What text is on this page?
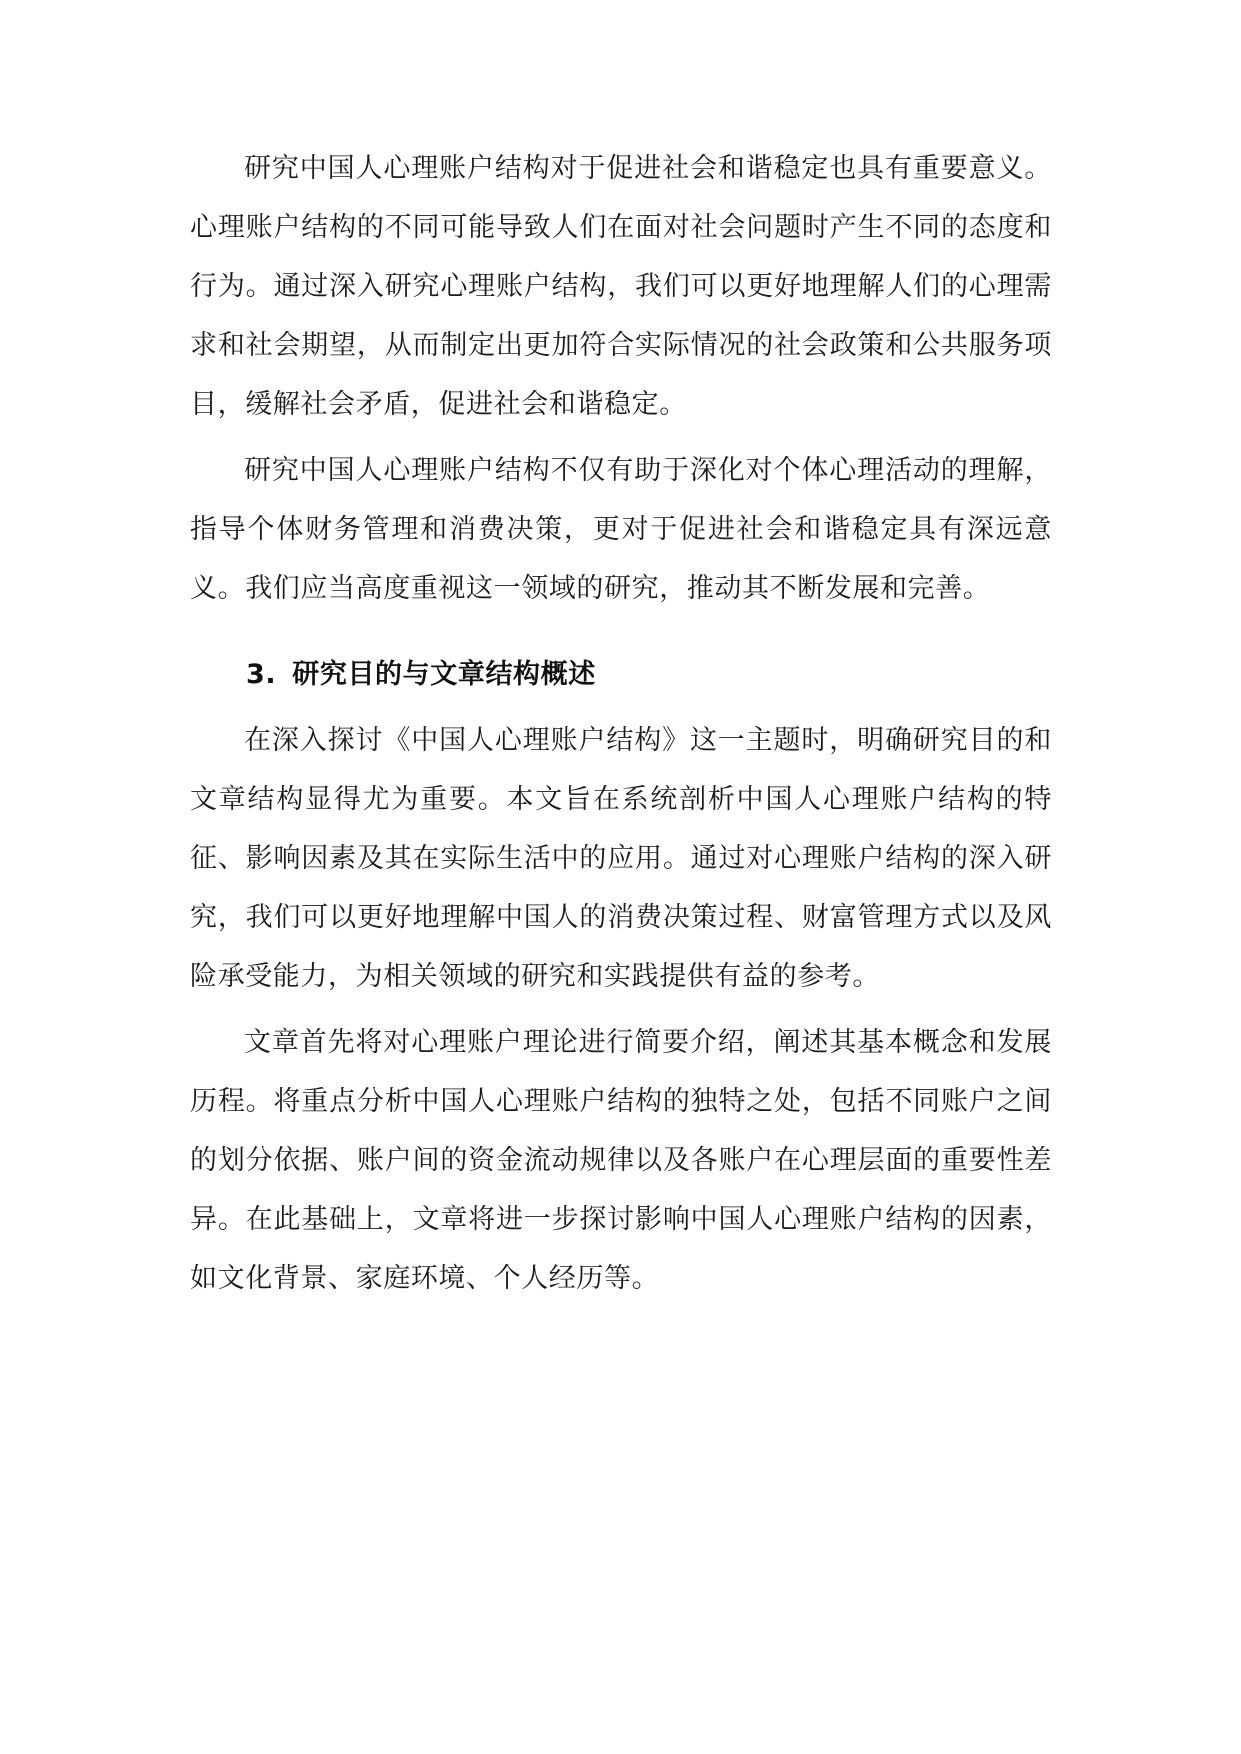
研究中国人心理账户结构对于促进社会和谐稳定也具有重要意义。心理账户结构的不同可能导致人们在面对社会问题时产生不同的态度和行为。通过深入研究心理账户结构，我们可以更好地理解人们的心理需求和社会期望，从而制定出更加符合实际情况的社会政策和公共服务项目，缓解社会矛盾，促进社会和谐稳定。

研究中国人心理账户结构不仅有助于深化对个体心理活动的理解，指导个体财务管理和消费决策，更对于促进社会和谐稳定具有深远意义。我们应当高度重视这一领域的研究，推动其不断发展和完善。

3. 研究目的与文章结构概述

在深入探讨《中国人心理账户结构》这一主题时，明确研究目的和文章结构显得尤为重要。本文旨在系统剖析中国人心理账户结构的特征、影响因素及其在实际生活中的应用。通过对心理账户结构的深入研究，我们可以更好地理解中国人的消费决策过程、财富管理方式以及风险承受能力，为相关领域的研究和实践提供有益的参考。

文章首先将对心理账户理论进行简要介绍，阐述其基本概念和发展历程。将重点分析中国人心理账户结构的独特之处，包括不同账户之间的划分依据、账户间的资金流动规律以及各账户在心理层面的重要性差异。在此基础上，文章将进一步探讨影响中国人心理账户结构的因素，如文化背景、家庭环境、个人经历等。
